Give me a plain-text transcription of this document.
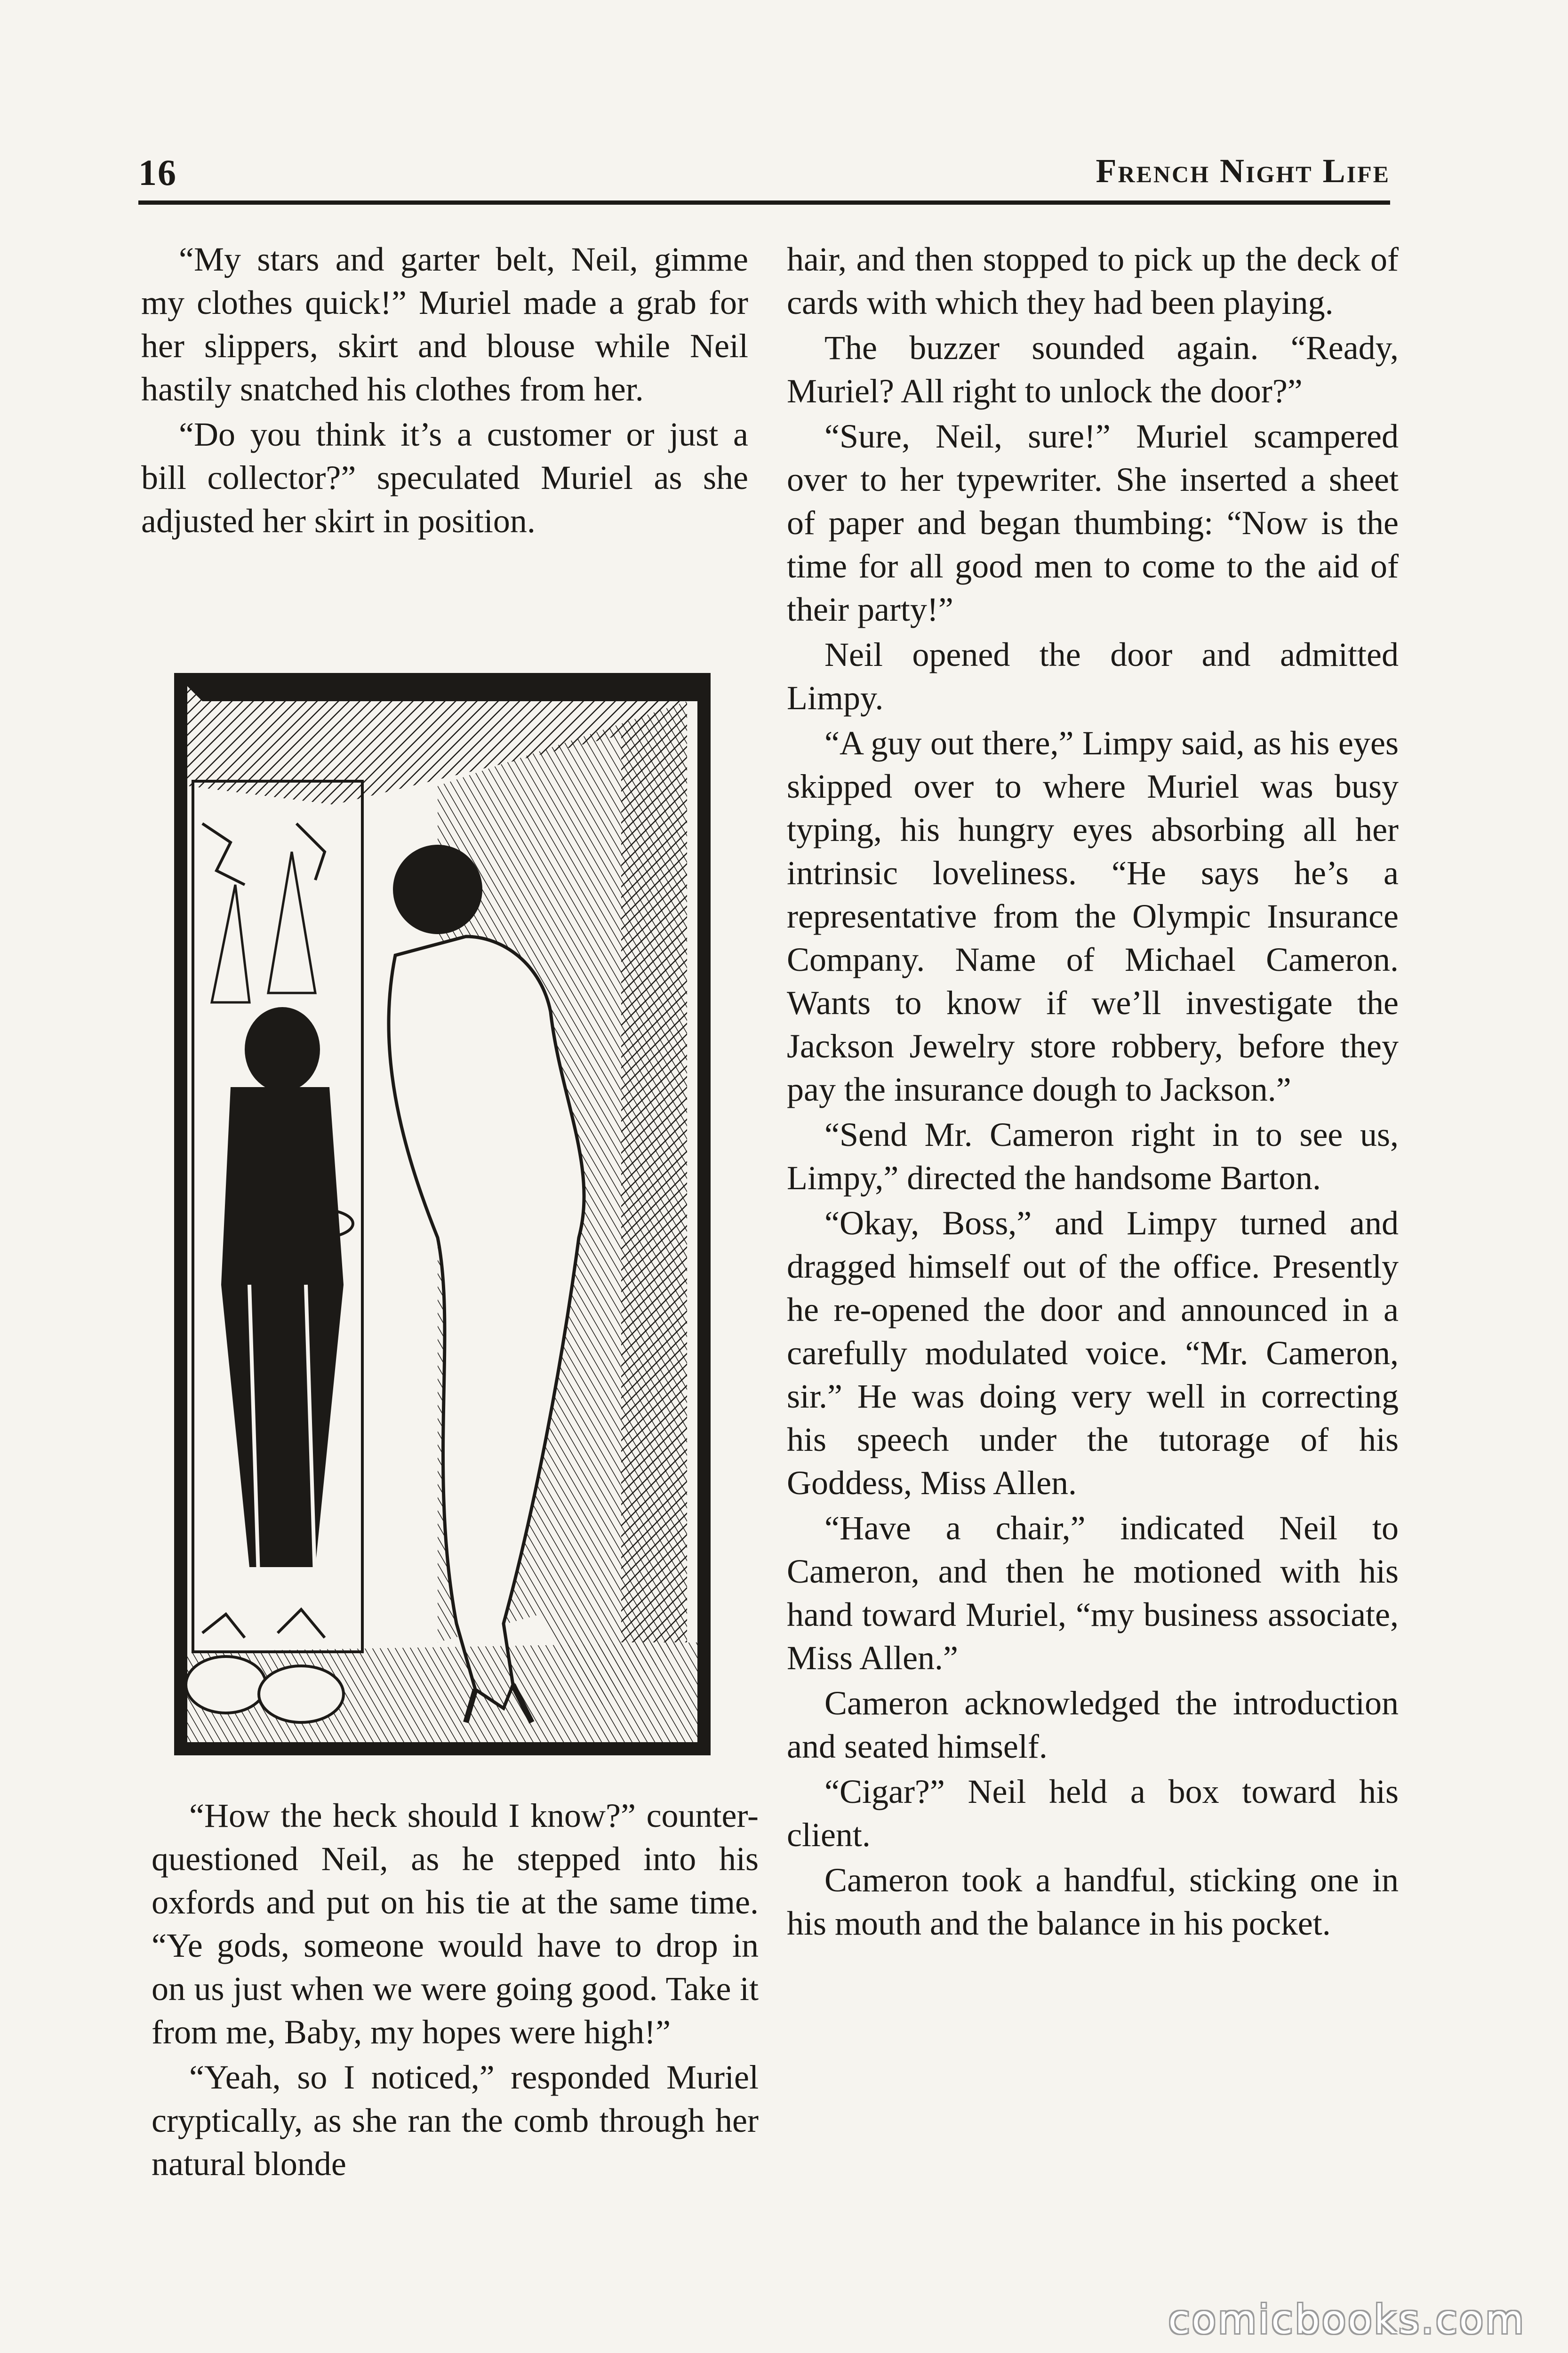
16	French Night Life

“My stars and garter belt, Neil, gimme my clothes quick!” Muriel made a grab for her slippers, skirt and blouse while Neil hastily snatched his clothes from her.

“Do you think it’s a customer or just a bill collector?” speculated Muriel as she adjusted her skirt in position.

“How the heck should I know?” counter-questioned Neil, as he stepped into his oxfords and put on his tie at the same time. “Ye gods, someone would have to drop in on us just when we were going good. Take it from me, Baby, my hopes were high!”

“Yeah, so I noticed,” responded Muriel cryptically, as she ran the comb through her natural blonde

hair, and then stopped to pick up the deck of cards with which they had been playing.

The buzzer sounded again. “Ready, Muriel? All right to unlock the door?”

“Sure, Neil, sure!” Muriel scampered over to her typewriter. She inserted a sheet of paper and began thumbing: “Now is the time for all good men to come to the aid of their party!”

Neil opened the door and admitted Limpy.

“A guy out there,” Limpy said, as his eyes skipped over to where Muriel was busy typing, his hungry eyes absorbing all her intrinsic loveliness. “He says he’s a representative from the Olympic Insurance Company. Name of Michael Cameron. Wants to know if we’ll investigate the Jackson Jewelry store robbery, before they pay the insurance dough to Jackson.”

“Send Mr. Cameron right in to see us, Limpy,” directed the handsome Barton.

“Okay, Boss,” and Limpy turned and dragged himself out of the office. Presently he re-opened the door and announced in a carefully modulated voice. “Mr. Cameron, sir.” He was doing very well in correcting his speech under the tutorage of his Goddess, Miss Allen.

“Have a chair,” indicated Neil to Cameron, and then he motioned with his hand toward Muriel, “my business associate, Miss Allen.”

Cameron acknowledged the introduction and seated himself.

“Cigar?” Neil held a box toward his client.

Cameron took a handful, sticking one in his mouth and the balance in his pocket.

comicbooks.com
